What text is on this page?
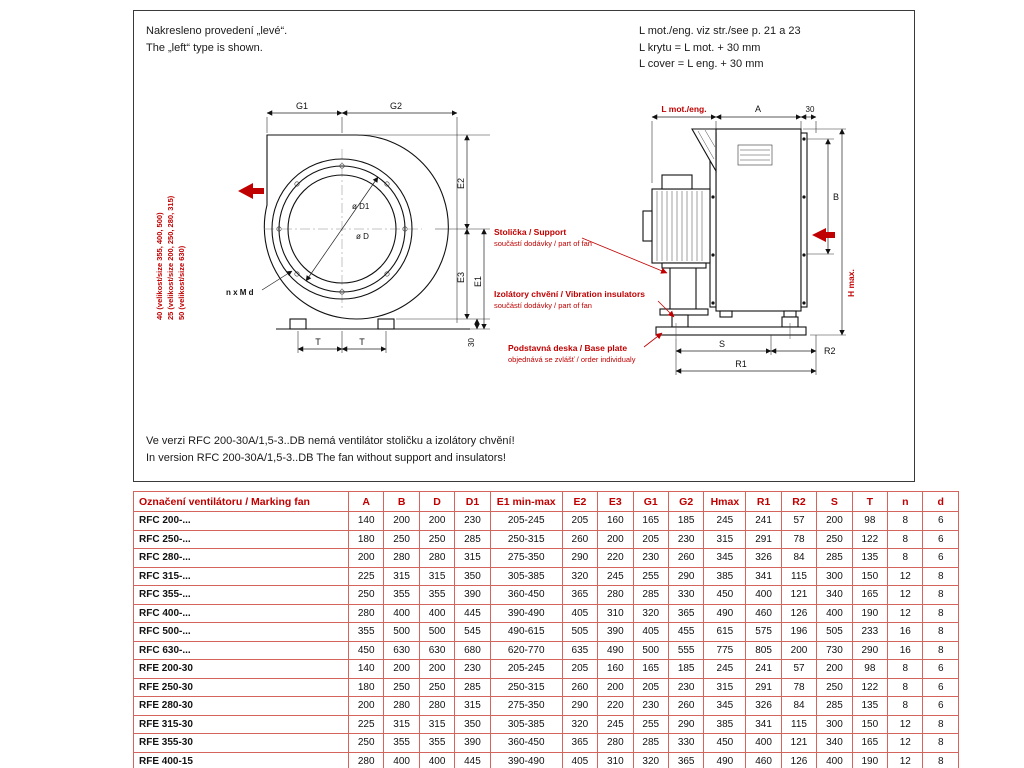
Nakresleno provedení „levé“.
The „left“ type is shown.
L mot./eng. viz str./see p. 21 a 23
L krytu = L mot. + 30 mm
L cover = L eng. + 30 mm
40 (velikost/size 355, 400, 500) 25 (velikost/size 200, 250, 280, 315) 50 (velikost/size 630)
G1	G2
ø D1
ø D
n x M d
E2
E3 E1
30
T	T
L mot./eng.	A	30
B
H max.
S
R2
R1
Stolička / Support
součástí dodávky / part of fan
Izolátory chvění / Vibration insulators
součástí dodávky / part of fan
Podstavná deska / Base plate
objednává se zvlášť / order individualy
Ve verzi RFC 200-30A/1,5-3..DB nemá ventilátor stoličku a izolátory chvění!
In version RFC 200-30A/1,5-3..DB The fan without support and insulators!
Označení ventilátoru / Marking fan	A	B	D	D1	E1 min-max	E2	E3	G1	G2	Hmax	R1	R2	S	T	n	d
RFC 200-...	140	200	200	230	205-245	205	160	165	185	245	241	57	200	98	8	6
RFC 250-...	180	250	250	285	250-315	260	200	205	230	315	291	78	250	122	8	6
RFC 280-...	200	280	280	315	275-350	290	220	230	260	345	326	84	285	135	8	6
RFC 315-...	225	315	315	350	305-385	320	245	255	290	385	341	115	300	150	12	8
RFC 355-...	250	355	355	390	360-450	365	280	285	330	450	400	121	340	165	12	8
RFC 400-...	280	400	400	445	390-490	405	310	320	365	490	460	126	400	190	12	8
RFC 500-...	355	500	500	545	490-615	505	390	405	455	615	575	196	505	233	16	8
RFC 630-...	450	630	630	680	620-770	635	490	500	555	775	805	200	730	290	16	8
RFE 200-30	140	200	200	230	205-245	205	160	165	185	245	241	57	200	98	8	6
RFE 250-30	180	250	250	285	250-315	260	200	205	230	315	291	78	250	122	8	6
RFE 280-30	200	280	280	315	275-350	290	220	230	260	345	326	84	285	135	8	6
RFE 315-30	225	315	315	350	305-385	320	245	255	290	385	341	115	300	150	12	8
RFE 355-30	250	355	355	390	360-450	365	280	285	330	450	400	121	340	165	12	8
RFE 400-15	280	400	400	445	390-490	405	310	320	365	490	460	126	400	190	12	8
